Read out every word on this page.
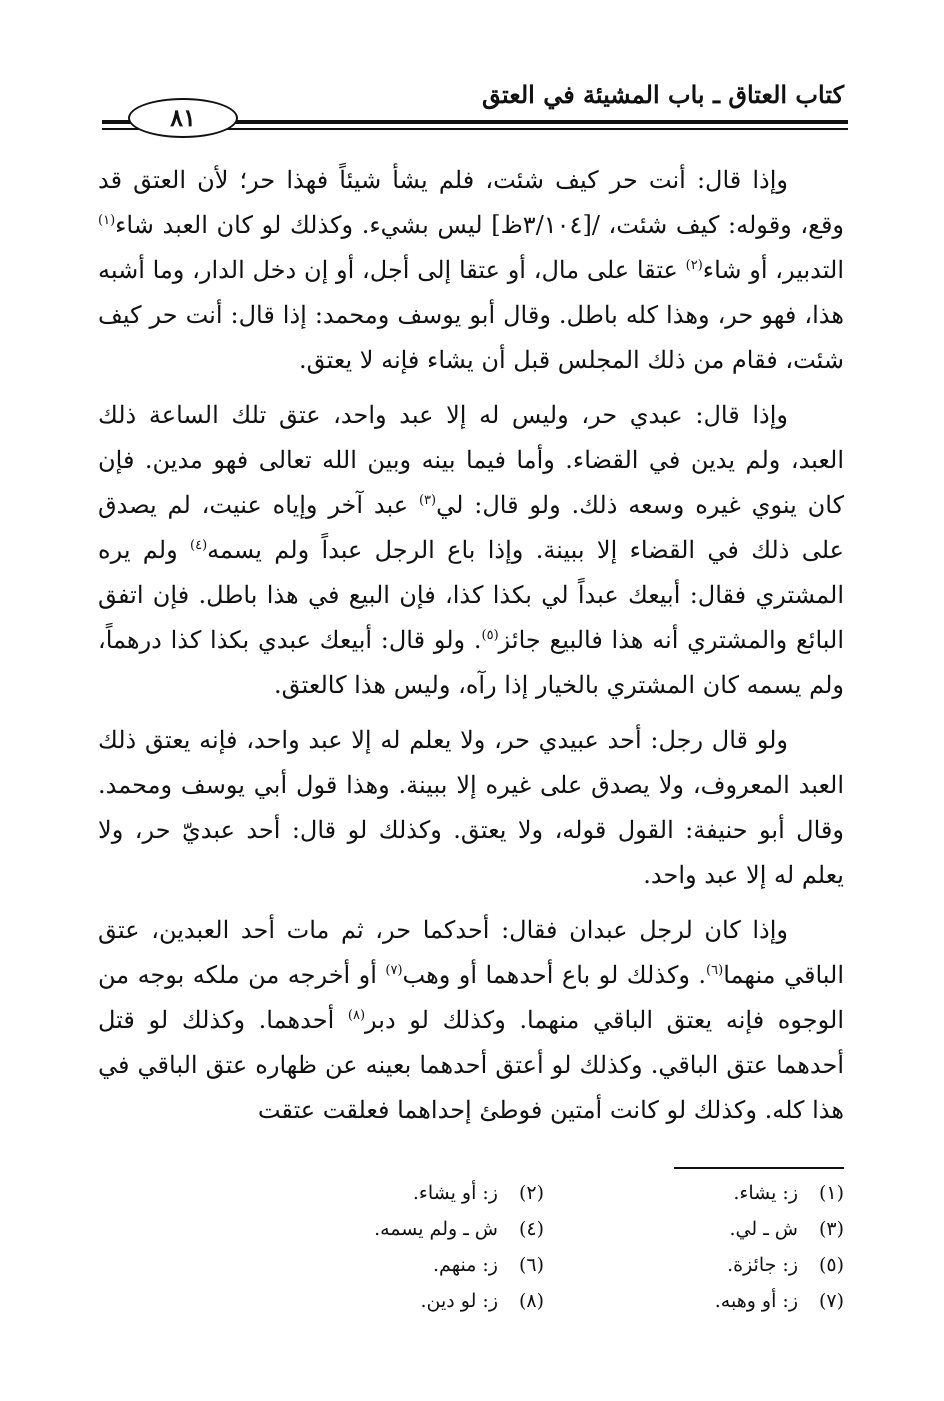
كتاب العتاق ـ باب المشيئة في العتق
٨١

وإذا قال: أنت حر كيف شئت، فلم يشأ شيئاً فهذا حر؛ لأن العتق قد وقع، وقوله: كيف شئت، /[٣/١٠٤ظ] ليس بشيء. وكذلك لو كان العبد شاء$^{(١)}$ التدبير، أو شاء$^{(٢)}$ عتقا على مال، أو عتقا إلى أجل، أو إن دخل الدار، وما أشبه هذا، فهو حر، وهذا كله باطل. وقال أبو يوسف ومحمد: إذا قال: أنت حر كيف شئت، فقام من ذلك المجلس قبل أن يشاء فإنه لا يعتق.

وإذا قال: عبدي حر، وليس له إلا عبد واحد، عتق تلك الساعة ذلك العبد، ولم يدين في القضاء. وأما فيما بينه وبين الله تعالى فهو مدين. فإن كان ينوي غيره وسعه ذلك. ولو قال: لي$^{(٣)}$ عبد آخر وإياه عنيت، لم يصدق على ذلك في القضاء إلا ببينة. وإذا باع الرجل عبداً ولم يسمه$^{(٤)}$ ولم يره المشتري فقال: أبيعك عبداً لي بكذا كذا، فإن البيع في هذا باطل. فإن اتفق البائع والمشتري أنه هذا فالبيع جائز$^{(٥)}$. ولو قال: أبيعك عبدي بكذا كذا درهماً، ولم يسمه كان المشتري بالخيار إذا رآه، وليس هذا كالعتق.

ولو قال رجل: أحد عبيدي حر، ولا يعلم له إلا عبد واحد، فإنه يعتق ذلك العبد المعروف، ولا يصدق على غيره إلا ببينة. وهذا قول أبي يوسف ومحمد. وقال أبو حنيفة: القول قوله، ولا يعتق. وكذلك لو قال: أحد عبديّ حر، ولا يعلم له إلا عبد واحد.

وإذا كان لرجل عبدان فقال: أحدكما حر، ثم مات أحد العبدين، عتق الباقي منهما$^{(٦)}$. وكذلك لو باع أحدهما أو وهب$^{(٧)}$ أو أخرجه من ملكه بوجه من الوجوه فإنه يعتق الباقي منهما. وكذلك لو دبر$^{(٨)}$ أحدهما. وكذلك لو قتل أحدهما عتق الباقي. وكذلك لو أعتق أحدهما بعينه عن ظهاره عتق الباقي في هذا كله. وكذلك لو كانت أمتين فوطئ إحداهما فعلقت عتقت

(١)ز: يشاء.
(٢)ز: أو يشاء.
(٣)ش ـ لي.
(٤)ش ـ ولم يسمه.
(٥)ز: جائزة.
(٦)ز: منهم.
(٧)ز: أو وهبه.
(٨)ز: لو دين.
